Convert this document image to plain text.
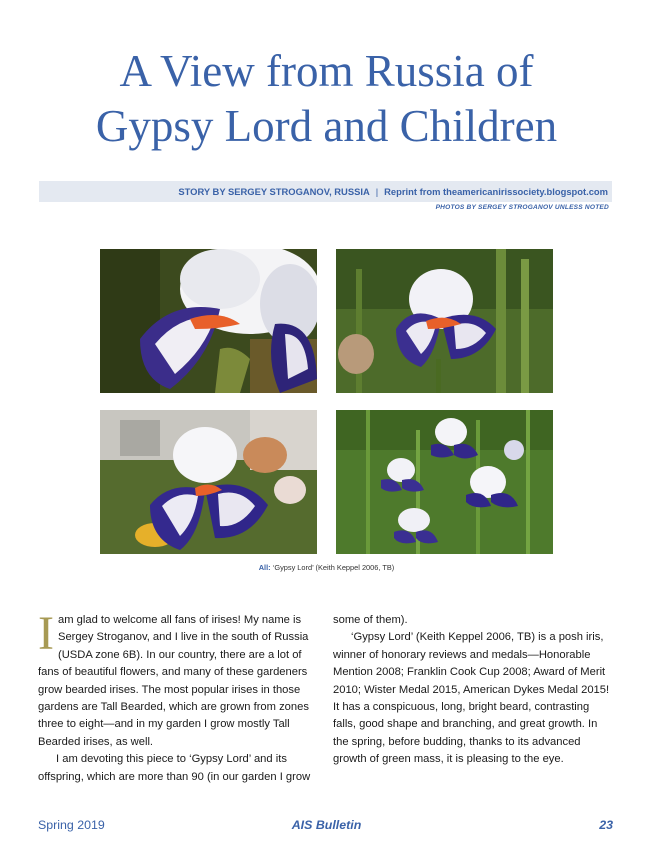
A View from Russia of
Gypsy Lord and Children
STORY BY SERGEY STROGANOV, RUSSIA | Reprint from theamericanirissociety.blogspot.com
PHOTOS BY SERGEY STROGANOV UNLESS NOTED
All: ‘Gypsy Lord’ (Keith Keppel 2006, TB)

Iam glad to welcome all fans of irises! My name is Sergey Stroganov, and I live in the south of Russia (USDA zone 6B). In our country, there are a lot of fans of beautiful flowers, and many of these gardeners grow bearded irises. The most popular irises in those gardens are Tall Bearded, which are grown from zones three to eight—and in my garden I grow mostly Tall Bearded irises, as well.

I am devoting this piece to ‘Gypsy Lord’ and its offspring, which are more than 90 (in our garden I grow

some of them).

‘Gypsy Lord’ (Keith Keppel 2006, TB) is a posh iris, winner of honorary reviews and medals—Honorable Mention 2008; Franklin Cook Cup 2008; Award of Merit 2010; Wister Medal 2015, American Dykes Medal 2015! It has a conspicuous, long, bright beard, contrasting falls, good shape and branching, and great growth. In the spring, before budding, thanks to its advanced growth of green mass, it is pleasing to the eye.

Spring 2019	AIS Bulletin	23
